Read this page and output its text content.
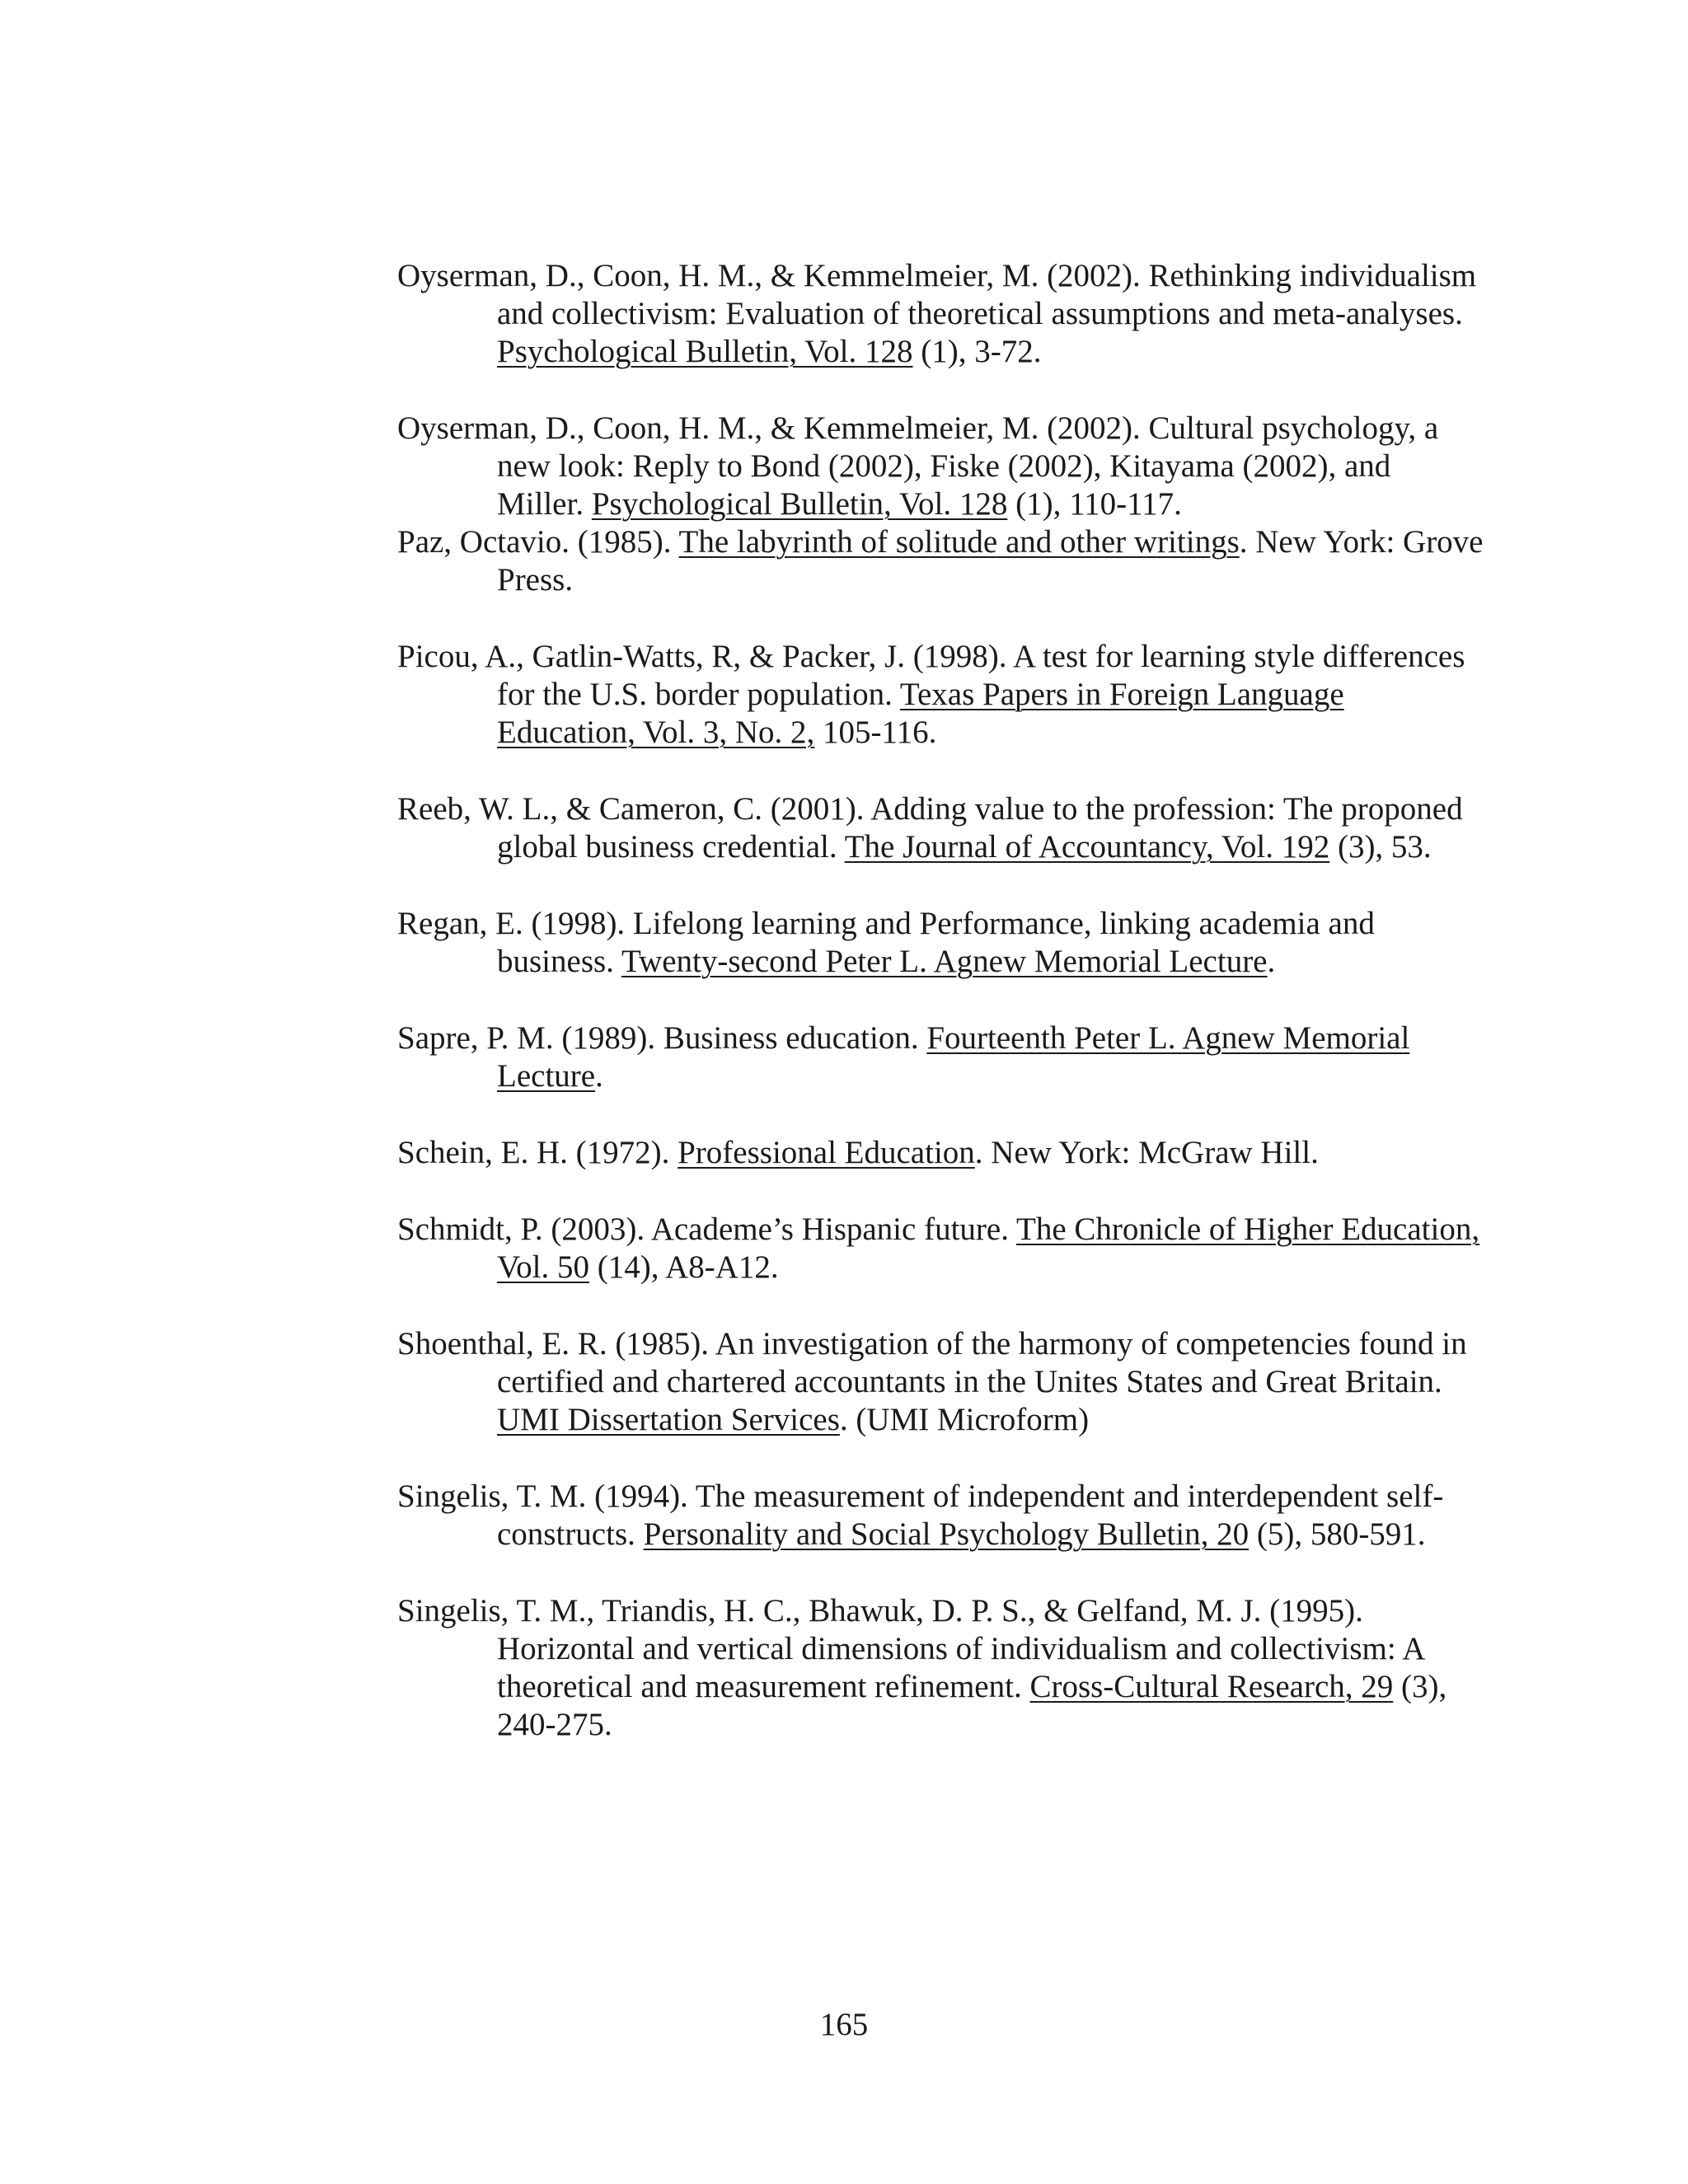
Oyserman, D., Coon, H. M., & Kemmelmeier, M. (2002). Rethinking individualism and collectivism: Evaluation of theoretical assumptions and meta-analyses. Psychological Bulletin, Vol. 128 (1), 3-72.

Oyserman, D., Coon, H. M., & Kemmelmeier, M. (2002). Cultural psychology, a new look: Reply to Bond (2002), Fiske (2002), Kitayama (2002), and Miller. Psychological Bulletin, Vol. 128 (1), 110-117.

Paz, Octavio. (1985). The labyrinth of solitude and other writings. New York: Grove Press.

Picou, A., Gatlin-Watts, R, & Packer, J. (1998). A test for learning style differences for the U.S. border population. Texas Papers in Foreign Language Education, Vol. 3, No. 2, 105-116.

Reeb, W. L., & Cameron, C. (2001). Adding value to the profession: The proponed global business credential. The Journal of Accountancy, Vol. 192 (3), 53.

Regan, E. (1998). Lifelong learning and Performance, linking academia and business. Twenty-second Peter L. Agnew Memorial Lecture.

Sapre, P. M. (1989). Business education. Fourteenth Peter L. Agnew Memorial Lecture.

Schein, E. H. (1972). Professional Education. New York: McGraw Hill.

Schmidt, P. (2003). Academe’s Hispanic future. The Chronicle of Higher Education, Vol. 50 (14), A8-A12.

Shoenthal, E. R. (1985). An investigation of the harmony of competencies found in certified and chartered accountants in the Unites States and Great Britain. UMI Dissertation Services. (UMI Microform)

Singelis, T. M. (1994). The measurement of independent and interdependent self-constructs. Personality and Social Psychology Bulletin, 20 (5), 580-591.

Singelis, T. M., Triandis, H. C., Bhawuk, D. P. S., & Gelfand, M. J. (1995). Horizontal and vertical dimensions of individualism and collectivism: A theoretical and measurement refinement. Cross-Cultural Research, 29 (3), 240-275.

165
